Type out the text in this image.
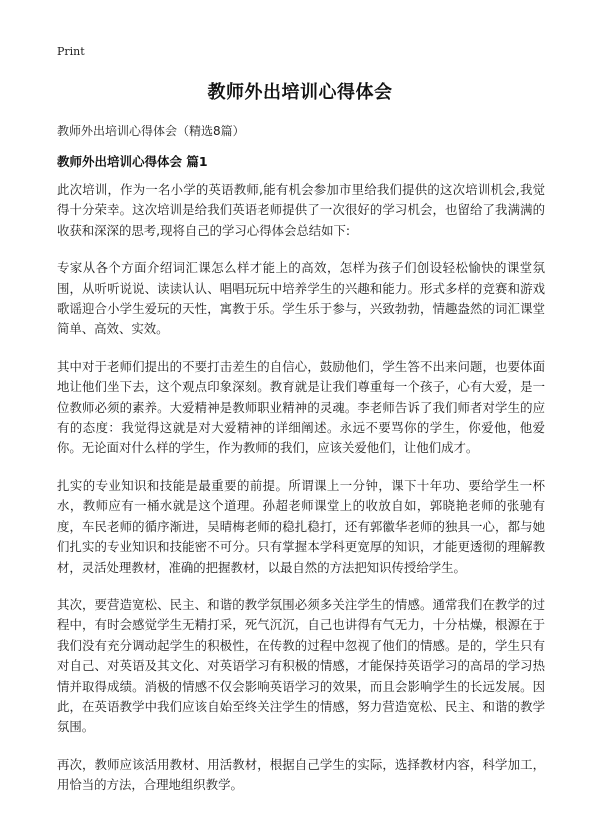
Print
教师外出培训心得体会
教师外出培训心得体会（精选8篇）
教师外出培训心得体会 篇1

此次培训，作为一名小学的英语教师,能有机会参加市里给我们提供的这次培训机会,我觉得十分荣幸。这次培训是给我们英语老师提供了一次很好的学习机会，也留给了我满满的收获和深深的思考,现将自己的学习心得体会总结如下:

专家从各个方面介绍词汇课怎么样才能上的高效，怎样为孩子们创设轻松愉快的课堂氛围，从听听说说、读读认认、唱唱玩玩中培养学生的兴趣和能力。形式多样的竞赛和游戏歌谣迎合小学生爱玩的天性，寓教于乐。学生乐于参与，兴致勃勃，情趣盎然的词汇课堂简单、高效、实效。

其中对于老师们提出的不要打击差生的自信心，鼓励他们，学生答不出来问题，也要体面地让他们坐下去，这个观点印象深刻。教育就是让我们尊重每一个孩子，心有大爱，是一位教师必须的素养。大爱精神是教师职业精神的灵魂。李老师告诉了我们师者对学生的应有的态度：我觉得这就是对大爱精神的详细阐述。永远不要骂你的学生，你爱他，他爱你。无论面对什么样的学生，作为教师的我们，应该关爱他们，让他们成才。

扎实的专业知识和技能是最重要的前提。所谓课上一分钟，课下十年功、要给学生一杯水，教师应有一桶水就是这个道理。孙超老师课堂上的收放自如，郭晓艳老师的张驰有度，车民老师的循序渐进，吴晴梅老师的稳扎稳打，还有郭徽华老师的独具一心，都与她们扎实的专业知识和技能密不可分。只有掌握本学科更宽厚的知识，才能更透彻的理解教材，灵活处理教材，准确的把握教材，以最自然的方法把知识传授给学生。

其次，要营造宽松、民主、和谐的教学氛围必须多关注学生的情感。通常我们在教学的过程中，有时会感觉学生无精打采，死气沉沉，自己也讲得有气无力，十分枯燥，根源在于我们没有充分调动起学生的积极性，在传教的过程中忽视了他们的情感。是的，学生只有对自己、对英语及其文化、对英语学习有积极的情感，才能保持英语学习的高昂的学习热情并取得成绩。消极的情感不仅会影响英语学习的效果，而且会影响学生的长远发展。因此，在英语教学中我们应该自始至终关注学生的情感，努力营造宽松、民主、和谐的教学氛围。

再次，教师应该活用教材、用活教材，根据自己学生的实际，选择教材内容，科学加工，用恰当的方法，合理地组织教学。
